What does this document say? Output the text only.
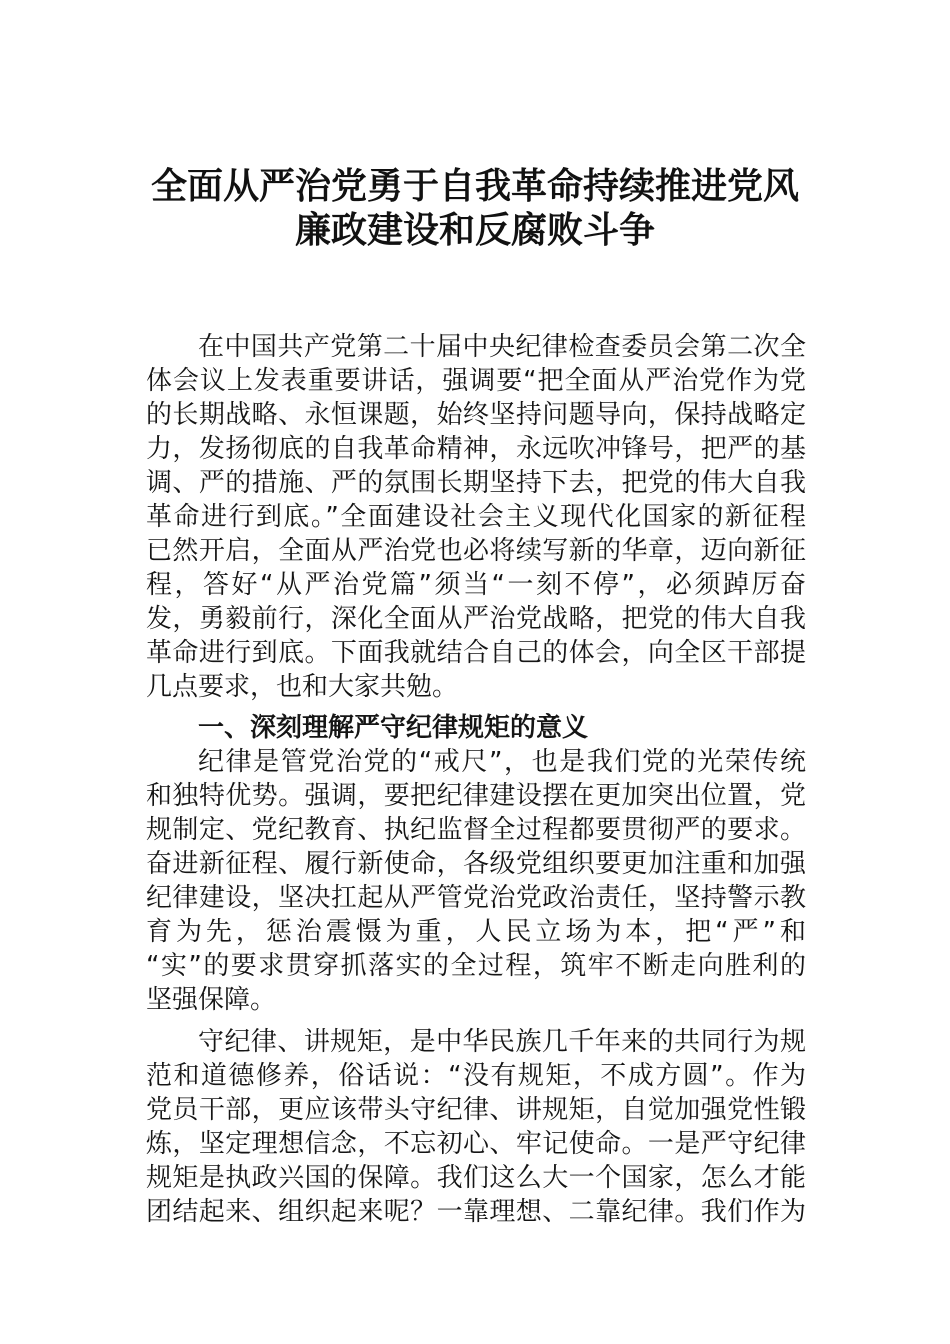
全面从严治党勇于自我革命持续推进党风
廉政建设和反腐败斗争
在中国共产党第二十届中央纪律检查委员会第二次全
体会议上发表重要讲话，强调要“把全面从严治党作为党
的长期战略、永恒课题，始终坚持问题导向，保持战略定
力，发扬彻底的自我革命精神，永远吹冲锋号，把严的基
调、严的措施、严的氛围长期坚持下去，把党的伟大自我
革命进行到底。”全面建设社会主义现代化国家的新征程
已然开启，全面从严治党也必将续写新的华章，迈向新征
程，答好“从严治党篇”须当“一刻不停”，必须踔厉奋
发，勇毅前行，深化全面从严治党战略，把党的伟大自我
革命进行到底。下面我就结合自己的体会，向全区干部提
几点要求，也和大家共勉。
一、深刻理解严守纪律规矩的意义
纪律是管党治党的“戒尺”，也是我们党的光荣传统
和独特优势。强调，要把纪律建设摆在更加突出位置，党
规制定、党纪教育、执纪监督全过程都要贯彻严的要求。
奋进新征程、履行新使命，各级党组织要更加注重和加强
纪律建设，坚决扛起从严管党治党政治责任，坚持警示教
育为先，惩治震慑为重，人民立场为本，把“严”和
“实”的要求贯穿抓落实的全过程，筑牢不断走向胜利的
坚强保障。
守纪律、讲规矩，是中华民族几千年来的共同行为规
范和道德修养，俗话说：“没有规矩，不成方圆”。作为
党员干部，更应该带头守纪律、讲规矩，自觉加强党性锻
炼，坚定理想信念，不忘初心、牢记使命。一是严守纪律
规矩是执政兴国的保障。我们这么大一个国家，怎么才能
团结起来、组织起来呢？一靠理想、二靠纪律。我们作为
